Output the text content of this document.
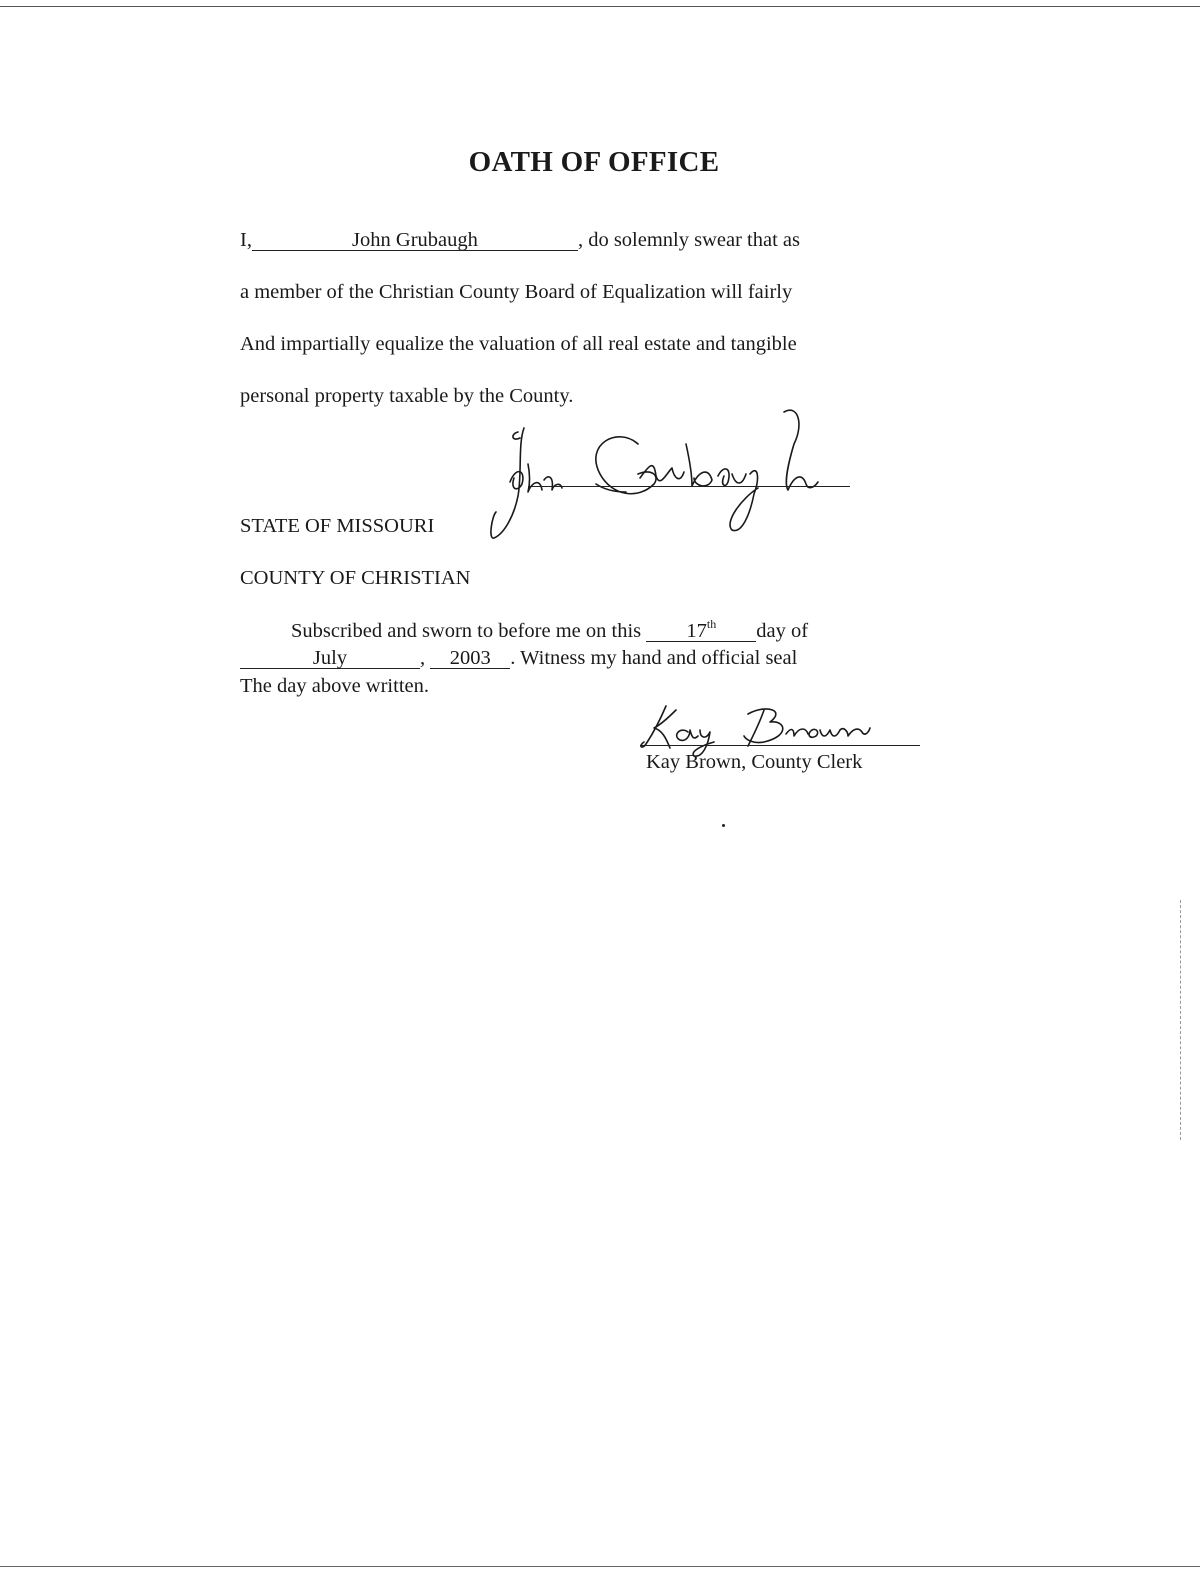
OATH OF OFFICE
I,	John Grubaugh	, do solemnly swear that as
a member of the Christian County Board of Equalization will fairly
And impartially equalize the valuation of all real estate and tangible
personal property taxable by the County.
STATE OF MISSOURI
COUNTY OF CHRISTIAN
Subscribed and sworn to before me on this 17th day of
July	, 2003 . Witness my hand and official seal
The day above written.
Kay Brown, County Clerk
